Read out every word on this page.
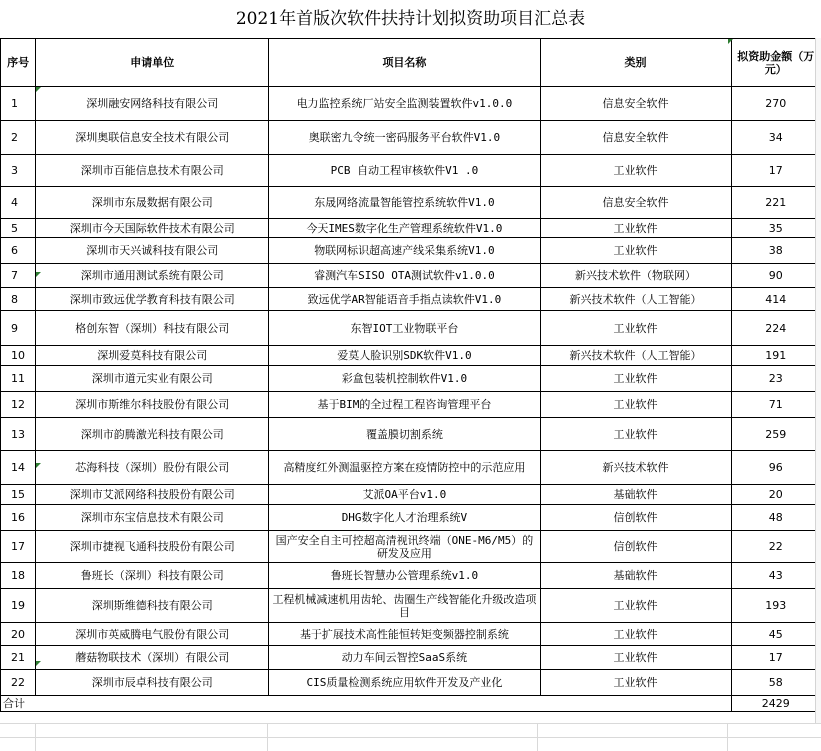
2021年首版次软件扶持计划拟资助项目汇总表
序号	申请单位	项目名称	类别	拟资助金额（万元）
1	深圳融安网络科技有限公司	电力监控系统厂站安全监测装置软件v1.0.0	信息安全软件	270
2	深圳奥联信息安全技术有限公司	奥联密九令统一密码服务平台软件V1.0	信息安全软件	34
3	深圳市百能信息技术有限公司	PCB 自动工程审核软件V1 .0	工业软件	17
4	深圳市东晟数据有限公司	东晟网络流量智能管控系统软件V1.0	信息安全软件	221
5	深圳市今天国际软件技术有限公司	今天IMES数字化生产管理系统软件V1.0	工业软件	35
6	深圳市天兴诚科技有限公司	物联网标识超高速产线采集系统V1.0	工业软件	38
7	深圳市通用测试系统有限公司	睿测汽车SISO OTA测试软件v1.0.0	新兴技术软件（物联网）	90
8	深圳市致远优学教育科技有限公司	致远优学AR智能语音手指点读软件V1.0	新兴技术软件（人工智能）	414
9	格创东智（深圳）科技有限公司	东智IOT工业物联平台	工业软件	224
10	深圳爱莫科技有限公司	爱莫人脸识别SDK软件V1.0	新兴技术软件（人工智能）	191
11	深圳市道元实业有限公司	彩盒包装机控制软件V1.0	工业软件	23
12	深圳市斯维尔科技股份有限公司	基于BIM的全过程工程咨询管理平台	工业软件	71
13	深圳市韵腾激光科技有限公司	覆盖膜切割系统	工业软件	259
14	芯海科技（深圳）股份有限公司	高精度红外测温驱控方案在疫情防控中的示范应用	新兴技术软件	96
15	深圳市艾派网络科技股份有限公司	艾派OA平台v1.0	基础软件	20
16	深圳市东宝信息技术有限公司	DHG数字化人才治理系统V	信创软件	48
17	深圳市捷视飞通科技股份有限公司	国产安全自主可控超高清视讯终端（ONE-M6/M5）的研发及应用	信创软件	22
18	鲁班长（深圳）科技有限公司	鲁班长智慧办公管理系统v1.0	基础软件	43
19	深圳斯维德科技有限公司	工程机械减速机用齿轮、齿圈生产线智能化升级改造项目	工业软件	193
20	深圳市英威腾电气股份有限公司	基于扩展技术高性能恒转矩变频器控制系统	工业软件	45
21	蘑菇物联技术（深圳）有限公司	动力车间云智控SaaS系统	工业软件	17
22	深圳市辰卓科技有限公司	CIS质量检测系统应用软件开发及产业化	工业软件	58
合计				2429
